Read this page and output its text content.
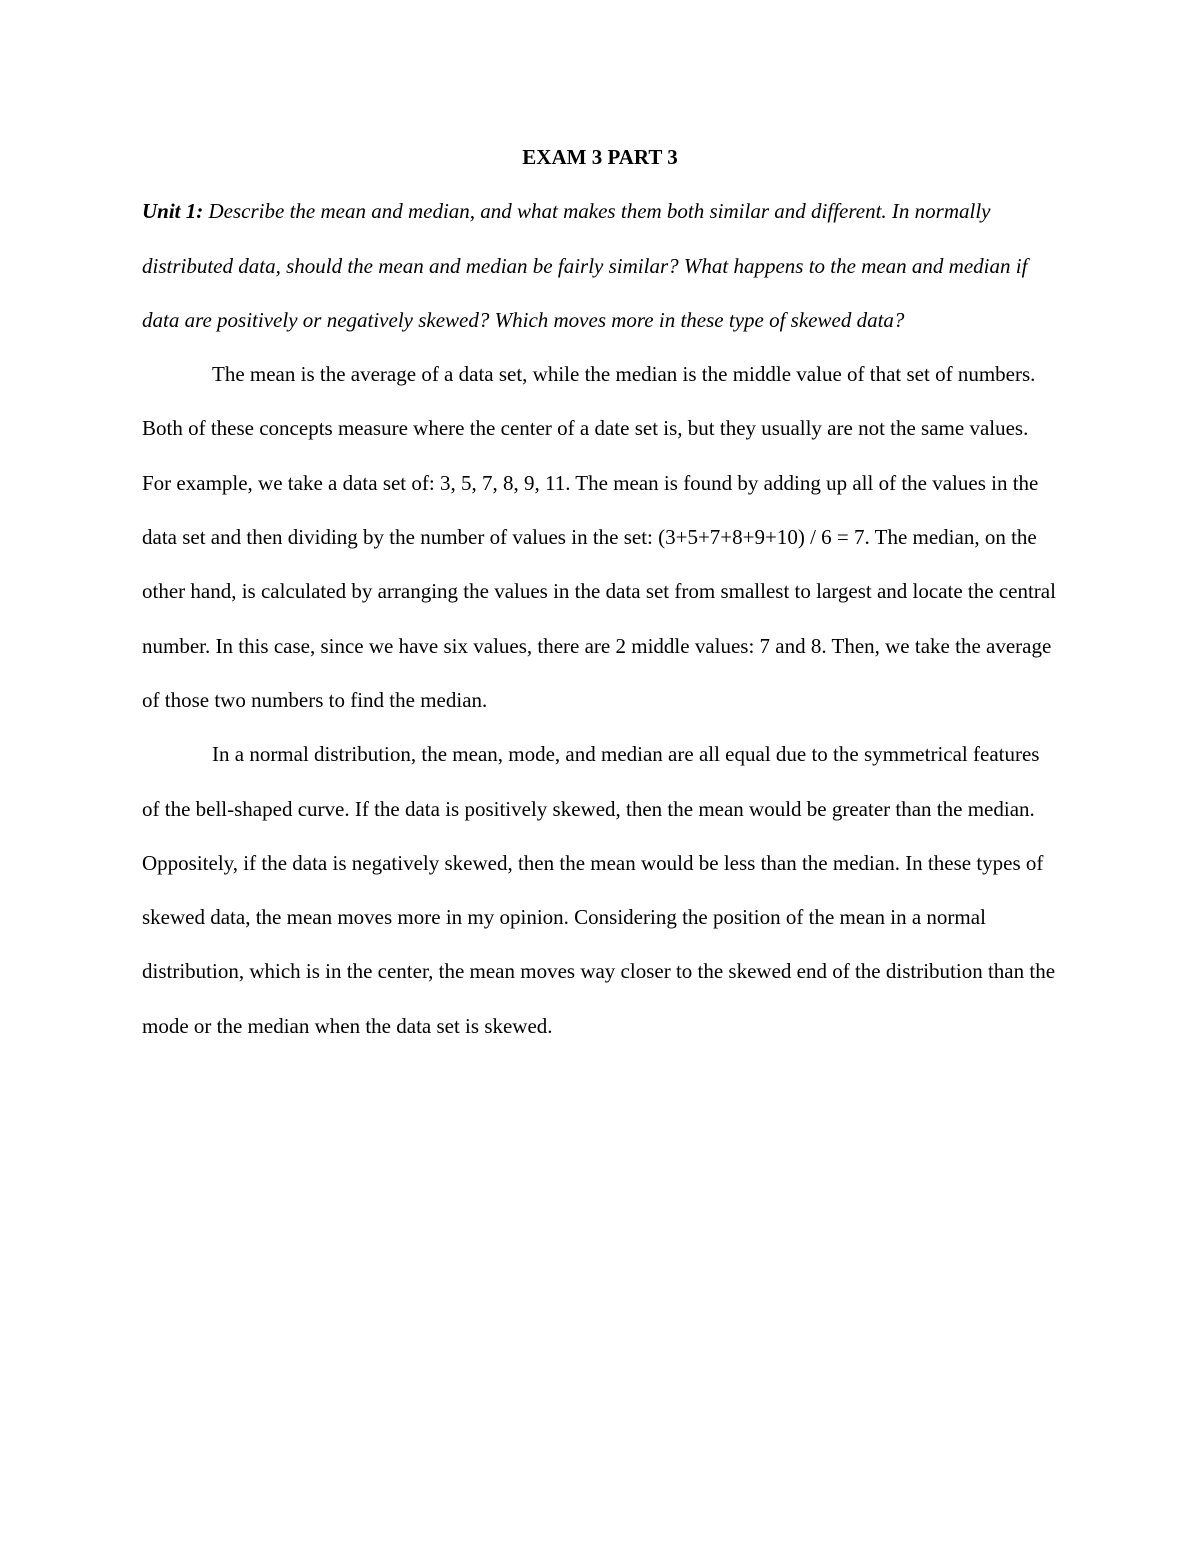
EXAM 3 PART 3

Unit 1: Describe the mean and median, and what makes them both similar and different. In normally distributed data, should the mean and median be fairly similar? What happens to the mean and median if data are positively or negatively skewed? Which moves more in these type of skewed data?

The mean is the average of a data set, while the median is the middle value of that set of numbers. Both of these concepts measure where the center of a date set is, but they usually are not the same values. For example, we take a data set of: 3, 5, 7, 8, 9, 11. The mean is found by adding up all of the values in the data set and then dividing by the number of values in the set: (3+5+7+8+9+10) / 6 = 7. The median, on the other hand, is calculated by arranging the values in the data set from smallest to largest and locate the central number. In this case, since we have six values, there are 2 middle values: 7 and 8. Then, we take the average of those two numbers to find the median.

In a normal distribution, the mean, mode, and median are all equal due to the symmetrical features of the bell-shaped curve. If the data is positively skewed, then the mean would be greater than the median. Oppositely, if the data is negatively skewed, then the mean would be less than the median. In these types of skewed data, the mean moves more in my opinion. Considering the position of the mean in a normal distribution, which is in the center, the mean moves way closer to the skewed end of the distribution than the mode or the median when the data set is skewed.
